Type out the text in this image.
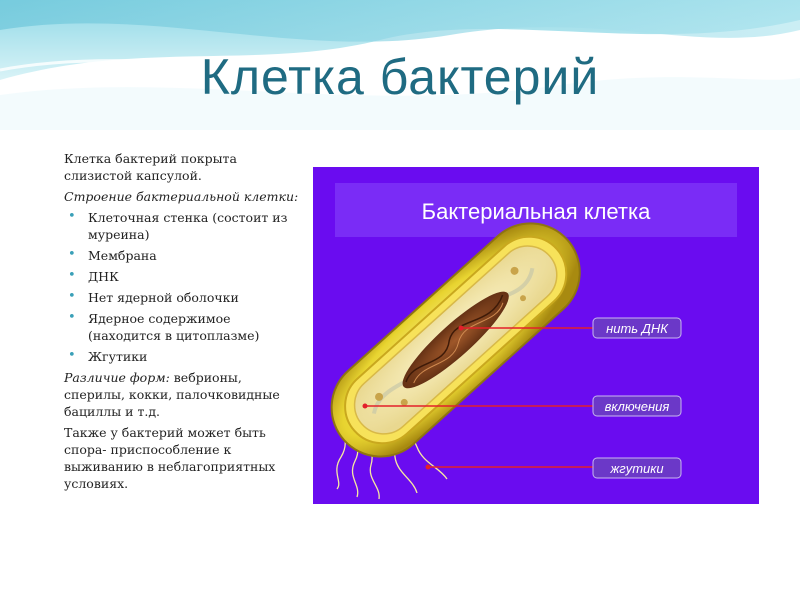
Клетка бактерий

Клетка бактерий покрыта слизистой капсулой.

Строение бактериальной клетки:

• Клеточная стенка (состоит из муреина)
• Мембрана
• ДНК
• Нет ядерной оболочки
• Ядерное содержимое (находится в цитоплазме)
• Жгутики

Различие форм: вебрионы, сперилы, кокки, палочковидные бациллы и т.д.

Также у бактерий может быть спора- приспособление к выживанию в неблагоприятных условиях.

Бактериальная клетка
нить ДНК
включения
жгутики
